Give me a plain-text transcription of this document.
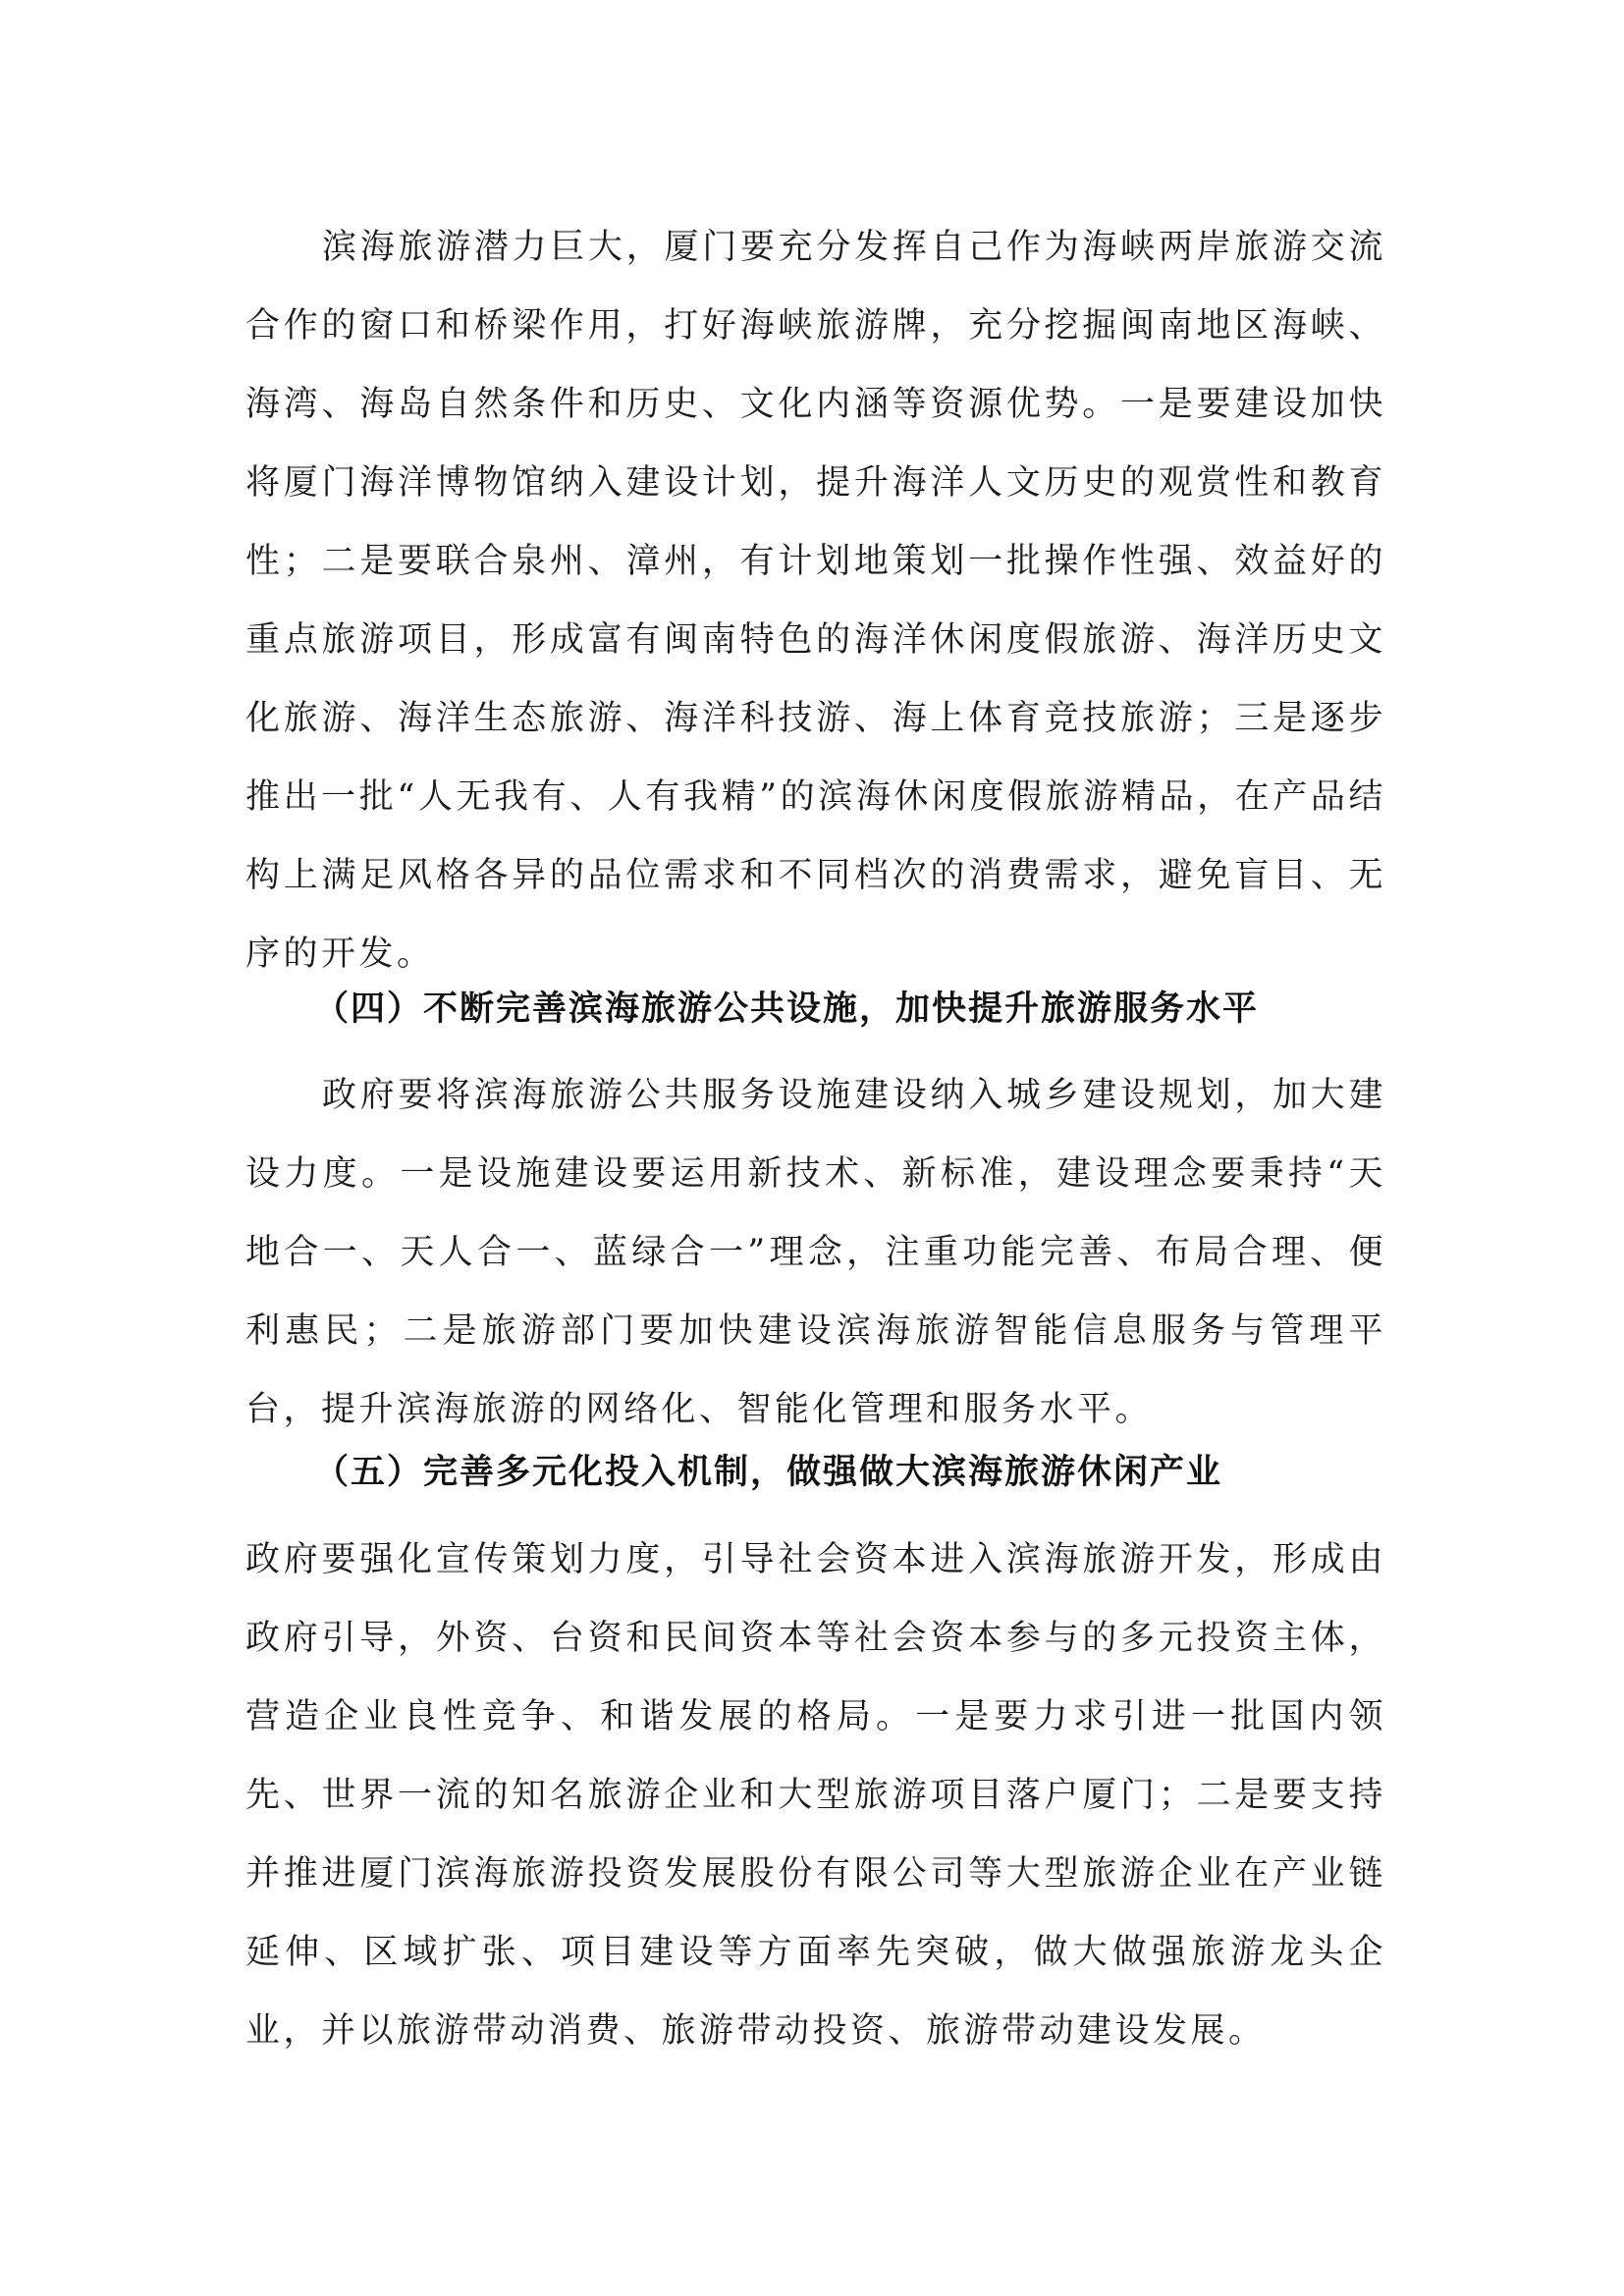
滨海旅游潜力巨大，厦门要充分发挥自己作为海峡两岸旅游交流合作的窗口和桥梁作用，打好海峡旅游牌，充分挖掘闽南地区海峡、海湾、海岛自然条件和历史、文化内涵等资源优势。一是要建设加快将厦门海洋博物馆纳入建设计划，提升海洋人文历史的观赏性和教育性；二是要联合泉州、漳州，有计划地策划一批操作性强、效益好的重点旅游项目，形成富有闽南特色的海洋休闲度假旅游、海洋历史文化旅游、海洋生态旅游、海洋科技游、海上体育竞技旅游；三是逐步推出一批“人无我有、人有我精”的滨海休闲度假旅游精品，在产品结构上满足风格各异的品位需求和不同档次的消费需求，避免盲目、无序的开发。

（四）不断完善滨海旅游公共设施，加快提升旅游服务水平

政府要将滨海旅游公共服务设施建设纳入城乡建设规划，加大建设力度。一是设施建设要运用新技术、新标准，建设理念要秉持“天地合一、天人合一、蓝绿合一”理念，注重功能完善、布局合理、便利惠民；二是旅游部门要加快建设滨海旅游智能信息服务与管理平台，提升滨海旅游的网络化、智能化管理和服务水平。

（五）完善多元化投入机制，做强做大滨海旅游休闲产业

政府要强化宣传策划力度，引导社会资本进入滨海旅游开发，形成由政府引导，外资、台资和民间资本等社会资本参与的多元投资主体，营造企业良性竞争、和谐发展的格局。一是要力求引进一批国内领先、世界一流的知名旅游企业和大型旅游项目落户厦门；二是要支持并推进厦门滨海旅游投资发展股份有限公司等大型旅游企业在产业链延伸、区域扩张、项目建设等方面率先突破，做大做强旅游龙头企业，并以旅游带动消费、旅游带动投资、旅游带动建设发展。
